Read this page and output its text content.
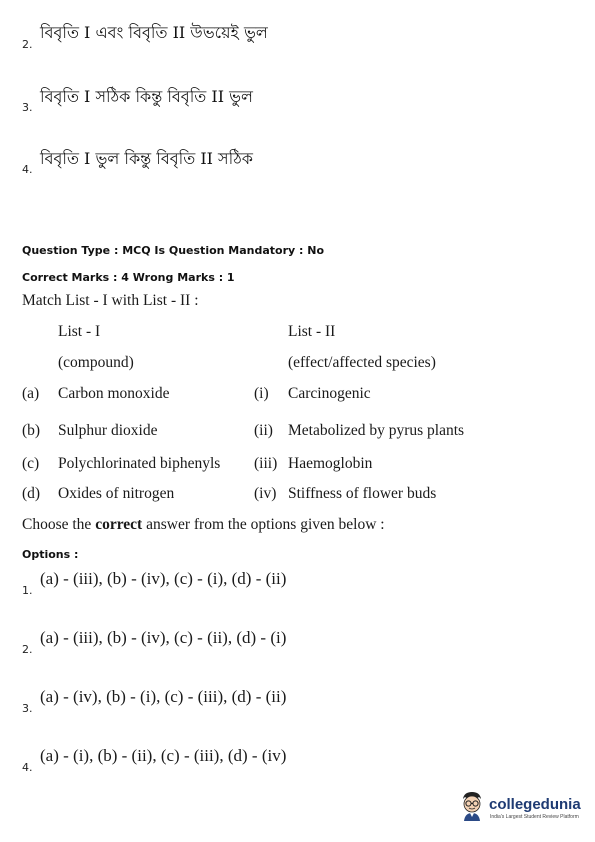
2.
বিবৃতি I এবং বিবৃতি II উভয়েই ভুল
3.
বিবৃতি I সঠিক কিন্তু বিবৃতি II ভুল
4.
বিবৃতি I ভুল কিন্তু বিবৃতি II সঠিক
Question Type : MCQ Is Question Mandatory : No
Correct Marks : 4 Wrong Marks : 1
Match List - I with List - II :
List - I	List - II
(compound)	(effect/affected species)
(a) Carbon monoxide	(i) Carcinogenic
(b) Sulphur dioxide	(ii) Metabolized by pyrus plants
(c) Polychlorinated biphenyls (iii) Haemoglobin
(d) Oxides of nitrogen	(iv) Stiffness of flower buds
Choose the correct answer from the options given below :
Options :
1.
(a) - (iii), (b) - (iv), (c) - (i), (d) - (ii)
2.
(a) - (iii), (b) - (iv), (c) - (ii), (d) - (i)
3.
(a) - (iv), (b) - (i), (c) - (iii), (d) - (ii)
4.
(a) - (i), (b) - (ii), (c) - (iii), (d) - (iv)
collegedunia
India's Largest Student Review Platform
